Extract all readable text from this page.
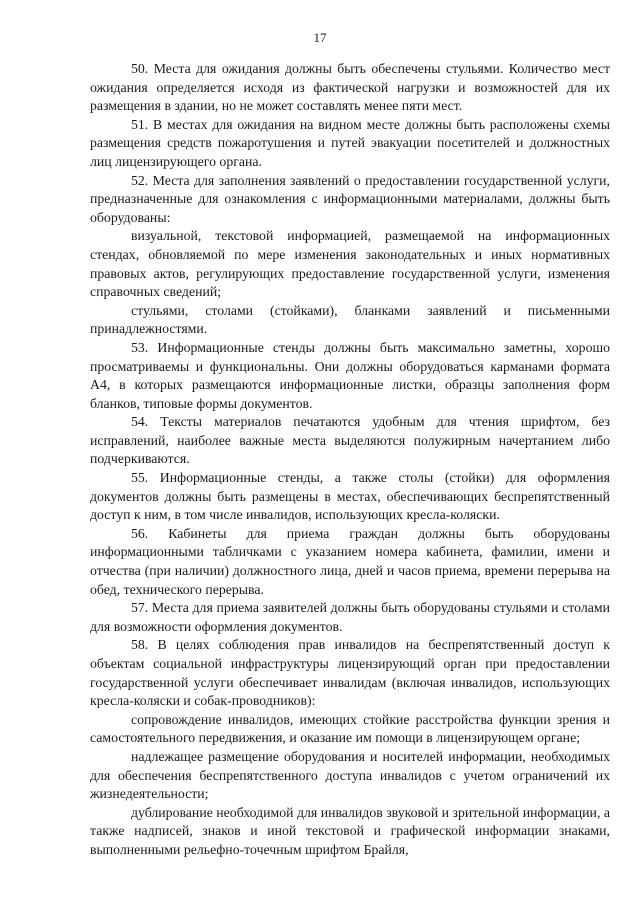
17

50. Места для ожидания должны быть обеспечены стульями. Количество мест ожидания определяется исходя из фактической нагрузки и возможностей для их размещения в здании, но не может составлять менее пяти мест.

51. В местах для ожидания на видном месте должны быть расположены схемы размещения средств пожаротушения и путей эвакуации посетителей и должностных лиц лицензирующего органа.

52. Места для заполнения заявлений о предоставлении государственной услуги, предназначенные для ознакомления с информационными материалами, должны быть оборудованы:

визуальной, текстовой информацией, размещаемой на информационных стендах, обновляемой по мере изменения законодательных и иных нормативных правовых актов, регулирующих предоставление государственной услуги, изменения справочных сведений;

стульями, столами (стойками), бланками заявлений и письменными принадлежностями.

53. Информационные стенды должны быть максимально заметны, хорошо просматриваемы и функциональны. Они должны оборудоваться карманами формата А4, в которых размещаются информационные листки, образцы заполнения форм бланков, типовые формы документов.

54. Тексты материалов печатаются удобным для чтения шрифтом, без исправлений, наиболее важные места выделяются полужирным начертанием либо подчеркиваются.

55. Информационные стенды, а также столы (стойки) для оформления документов должны быть размещены в местах, обеспечивающих беспрепятственный доступ к ним, в том числе инвалидов, использующих кресла-коляски.

56. Кабинеты для приема граждан должны быть оборудованы информационными табличками с указанием номера кабинета, фамилии, имени и отчества (при наличии) должностного лица, дней и часов приема, времени перерыва на обед, технического перерыва.

57. Места для приема заявителей должны быть оборудованы стульями и столами для возможности оформления документов.

58. В целях соблюдения прав инвалидов на беспрепятственный доступ к объектам социальной инфраструктуры лицензирующий орган при предоставлении государственной услуги обеспечивает инвалидам (включая инвалидов, использующих кресла-коляски и собак-проводников):

сопровождение инвалидов, имеющих стойкие расстройства функции зрения и самостоятельного передвижения, и оказание им помощи в лицензирующем органе;

надлежащее размещение оборудования и носителей информации, необходимых для обеспечения беспрепятственного доступа инвалидов с учетом ограничений их жизнедеятельности;

дублирование необходимой для инвалидов звуковой и зрительной информации, а также надписей, знаков и иной текстовой и графической информации знаками, выполненными рельефно-точечным шрифтом Брайля,
